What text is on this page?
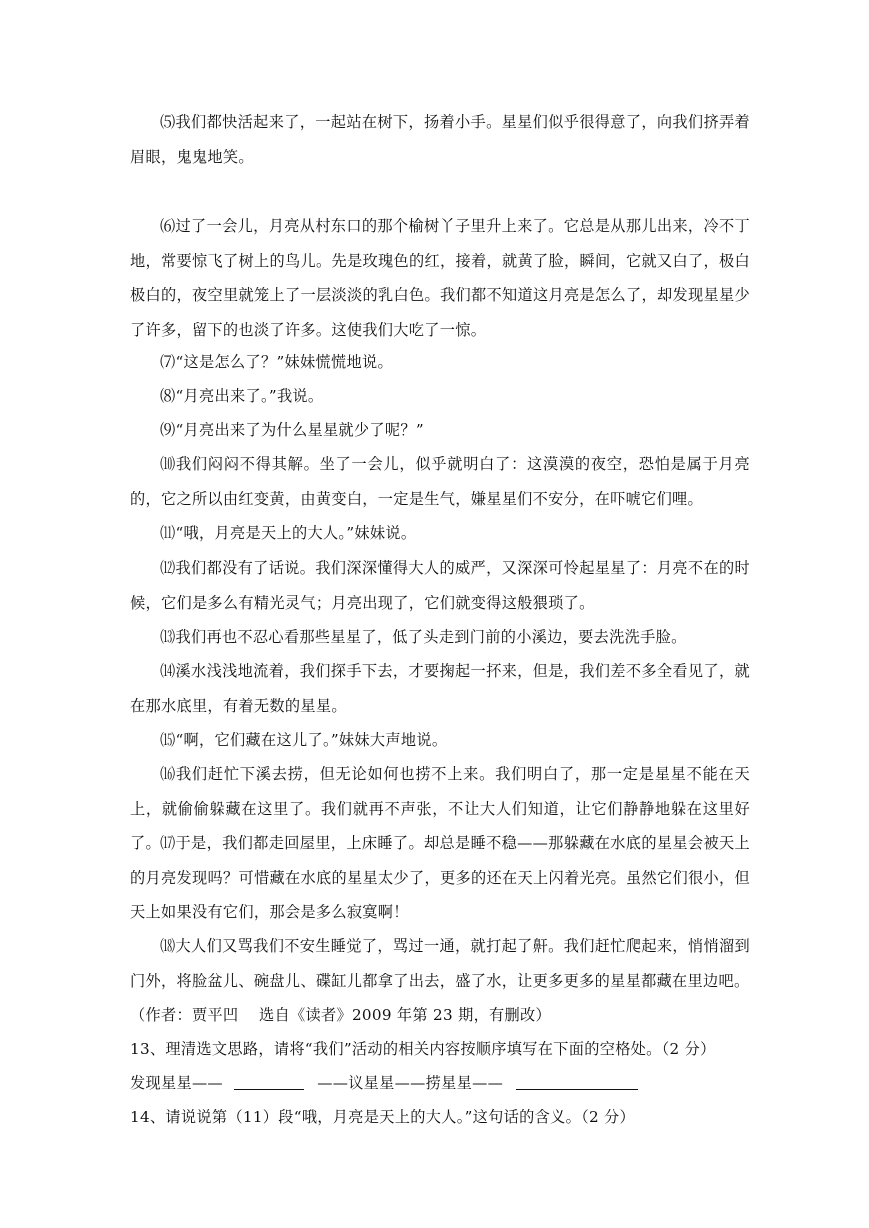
⑸我们都快活起来了，一起站在树下，扬着小手。星星们似乎很得意了，向我们挤弄着眉眼，鬼鬼地笑。

⑹过了一会儿，月亮从村东口的那个榆树丫子里升上来了。它总是从那儿出来，冷不丁地，常要惊飞了树上的鸟儿。先是玫瑰色的红，接着，就黄了脸，瞬间，它就又白了，极白极白的，夜空里就笼上了一层淡淡的乳白色。我们都不知道这月亮是怎么了，却发现星星少了许多，留下的也淡了许多。这使我们大吃了一惊。

⑺“这是怎么了？”妹妹慌慌地说。

⑻“月亮出来了。”我说。

⑼“月亮出来了为什么星星就少了呢？”

⑽我们闷闷不得其解。坐了一会儿，似乎就明白了：这漠漠的夜空，恐怕是属于月亮的，它之所以由红变黄，由黄变白，一定是生气，嫌星星们不安分，在吓唬它们哩。

⑾“哦，月亮是天上的大人。”妹妹说。

⑿我们都没有了话说。我们深深懂得大人的威严，又深深可怜起星星了：月亮不在的时候，它们是多么有精光灵气；月亮出现了，它们就变得这般猥琐了。

⒀我们再也不忍心看那些星星了，低了头走到门前的小溪边，要去洗洗手脸。

⒁溪水浅浅地流着，我们探手下去，才要掬起一抔来，但是，我们差不多全看见了，就在那水底里，有着无数的星星。

⒂“啊，它们藏在这儿了。”妹妹大声地说。

⒃我们赶忙下溪去捞，但无论如何也捞不上来。我们明白了，那一定是星星不能在天上，就偷偷躲藏在这里了。我们就再不声张，不让大人们知道，让它们静静地躲在这里好了。 ⒄于是，我们都走回屋里，上床睡了。却总是睡不稳——那躲藏在水底的星星会被天上的月亮发现吗？可惜藏在水底的星星太少了，更多的还在天上闪着光亮。虽然它们很小，但天上如果没有它们，那会是多么寂寞啊！

⒅大人们又骂我们不安生睡觉了，骂过一通，就打起了鼾。我们赶忙爬起来，悄悄溜到门外，将脸盆儿、碗盘儿、碟缸儿都拿了出去，盛了水，让更多更多的星星都藏在里边吧。

（作者：贾平凹　 选自《读者》2009 年第 23 期，有删改）

13、理清选文思路，请将“我们”活动的相关内容按顺序填写在下面的空格处。（2 分）

发现星星——	——议星星——捞星星——

14、请说说第（11）段“哦，月亮是天上的大人。”这句话的含义。（2 分）
